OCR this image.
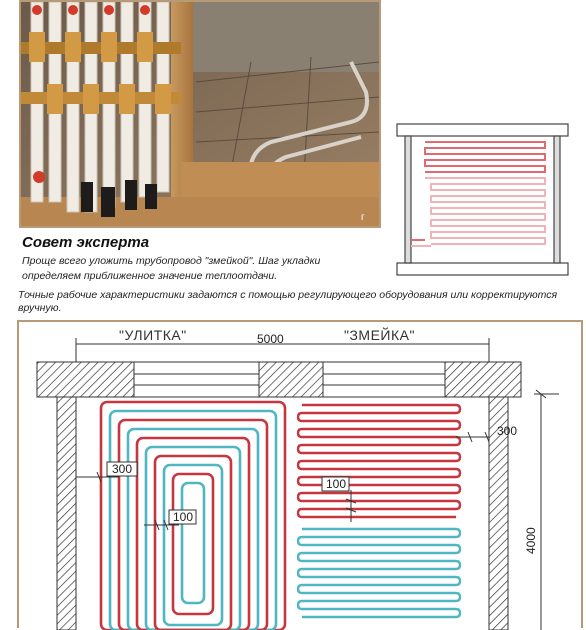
г
Совет эксперта
Проще всего уложить трубопровод "змейкой". Шаг укладки определяем приближенное значение теплоотдачи.
Точные рабочие характеристики задаются с помощью регулирующего оборудования или корректируются вручную.
"УЛИТКА"	"ЗМЕЙКА"
5000
300
100
100
300
4000
